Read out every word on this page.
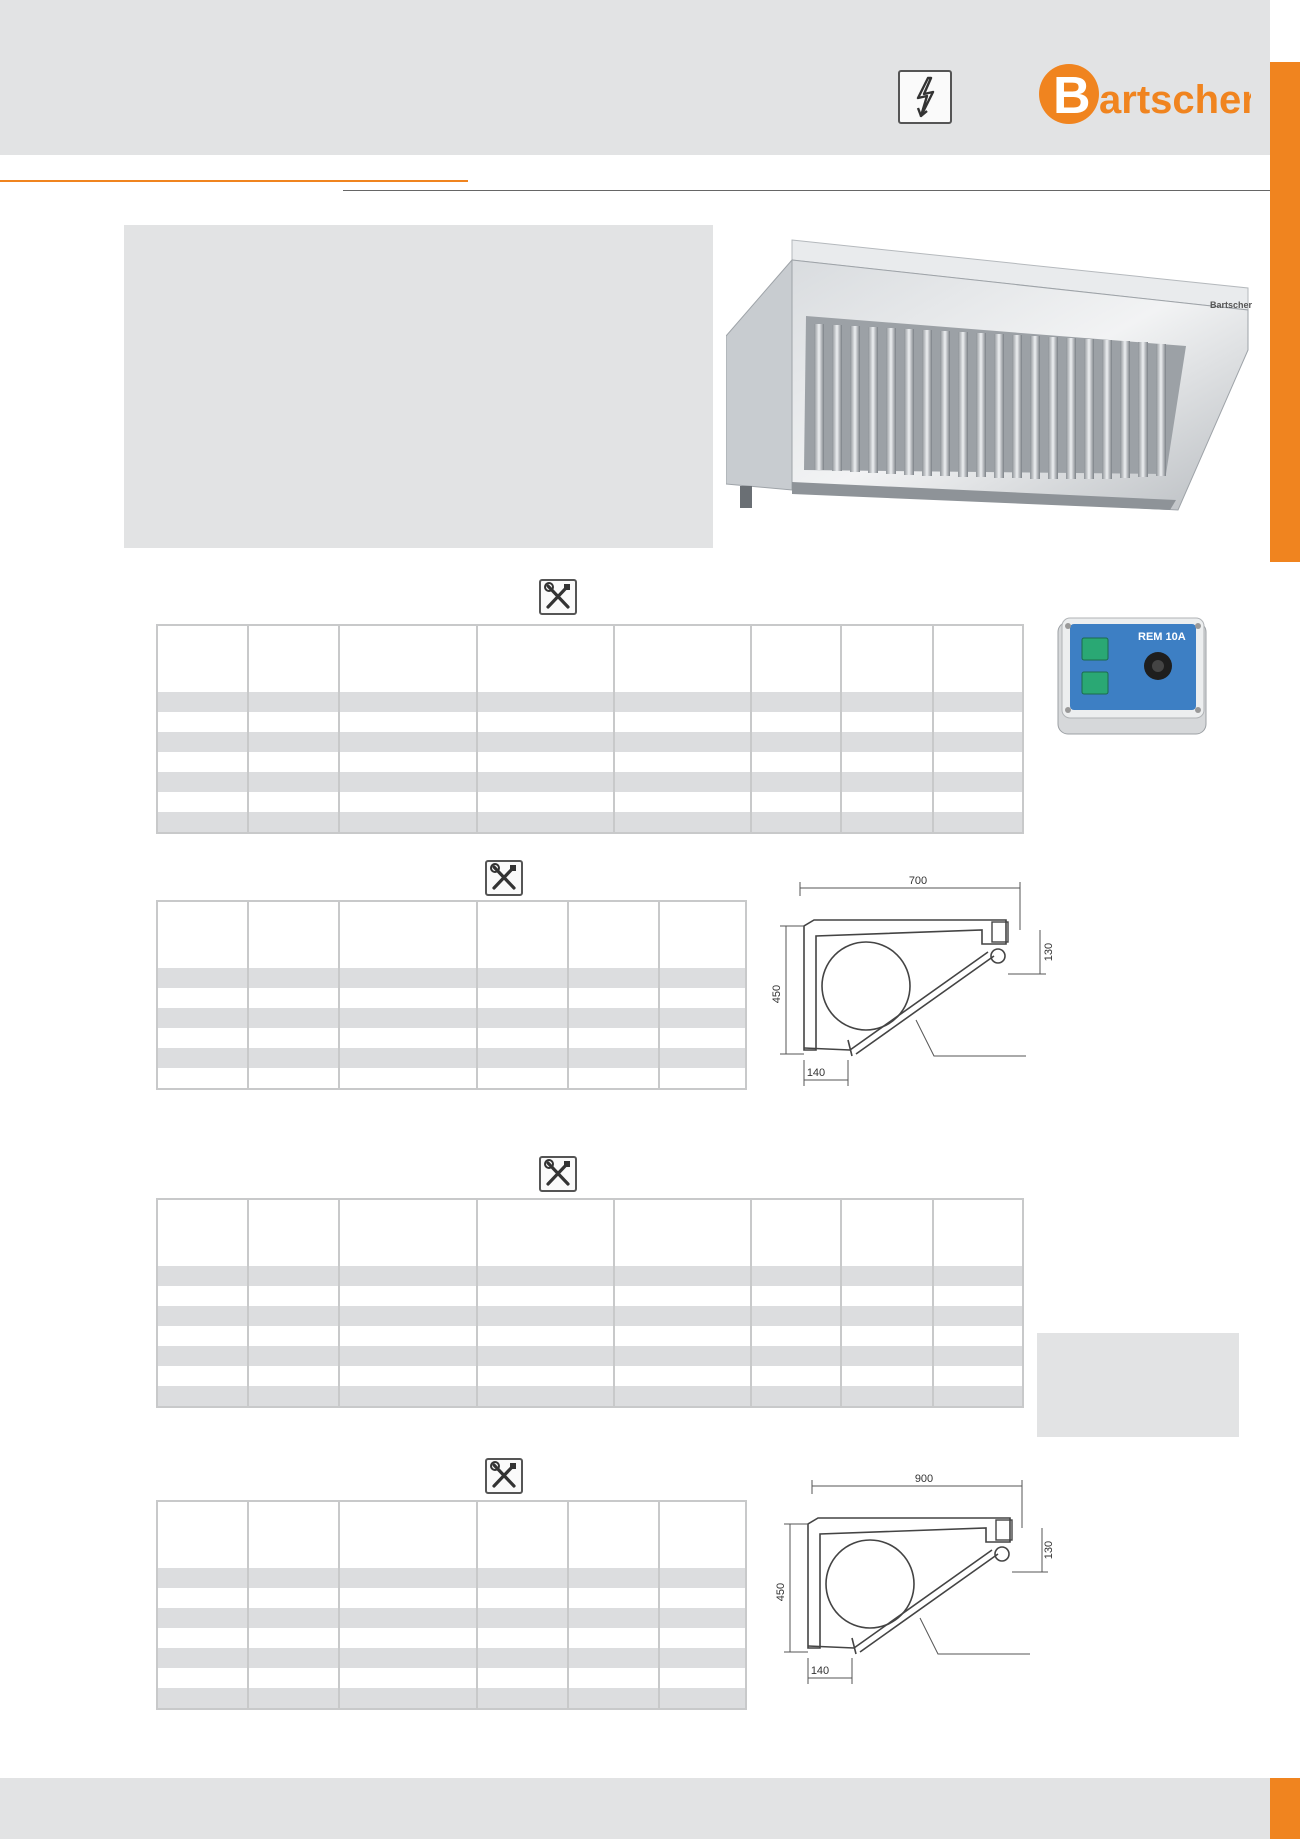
B artscher
Bartscher
REM 10A

700
450
130
140
900
450
130
140
